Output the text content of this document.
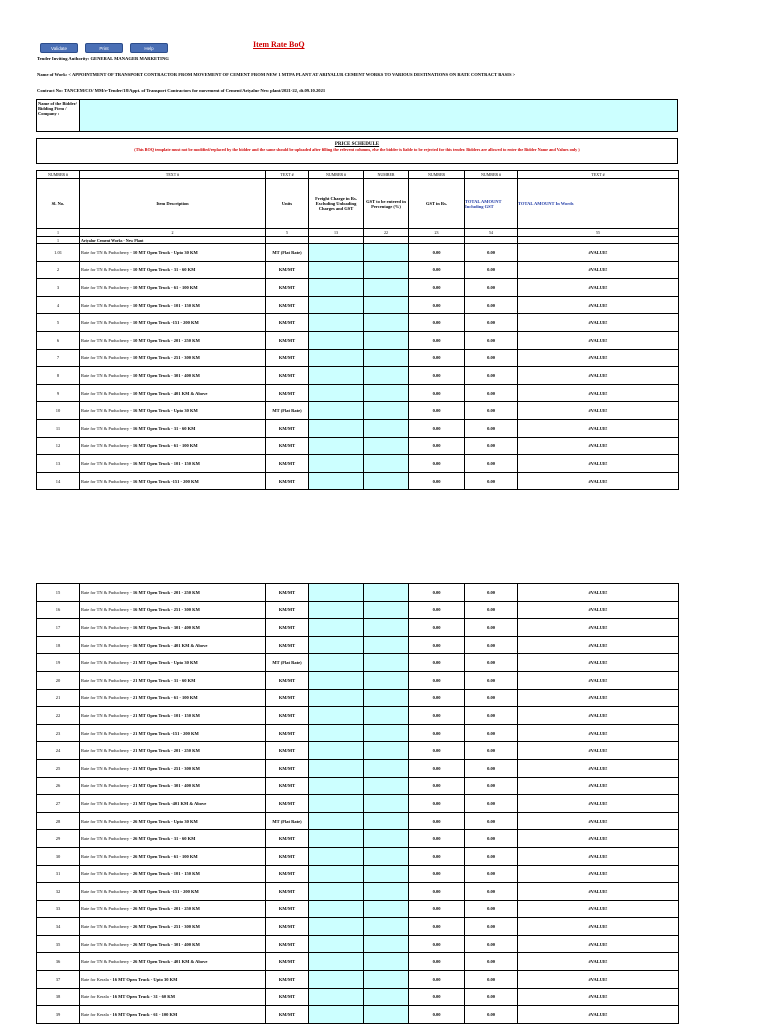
Validate	Print	Help	Item Rate BoQ
Tender Inviting Authority: GENERAL MANAGER MARKETING
Name of Work: < APPOINTMENT OF TRANSPORT CONTRACTOR FROM MOVEMENT OF CEMENT FROM NEW 1 MTPA PLANT AT ARIYALUR CEMENT WORKS TO VARIOUS DESTINATIONS ON RATE CONTRACT BASIS >
Contract No: TANCEM/CO/ MM/e-Tender/18/Appt. of Transport Contractors for movement of Cement/Ariyalur New plant/2021-22, dt.09.10.2021
Name of the Bidder/ Bidding Firm / Company :
PRICE SCHEDULE
(This BOQ template must not be modified/replaced by the bidder and the same should be uploaded after filling the relevent columns, else the bidder is liable to be rejected for this tender. Bidders are allowed to enter the Bidder Name and Values only )
NUMBER #	TEXT #	TEXT #	NUMBER #	NUMBER	NUMBER	NUMBER #	TEXT #
Sl. No.	Item Description	Units	Freight Charge in Rs. Excluding Unloading Charges and GST	GST to be entered in Percentage (%)	GST in Rs.	TOTAL AMOUNT Including GST	TOTAL AMOUNT In Words
1	2	5	13	22	23	54	55
1	Ariyalur Cement Works - New Plant						
1.01	Rate for TN & Puducherry - 10 MT Open Truck - Upto 30 KM	MT (Flat Rate)			0.00	0.00	#VALUE!
2	Rate for TN & Puducherry - 10 MT Open Truck - 31 - 60 KM	KM/MT			0.00	0.00	#VALUE!
3	Rate for TN & Puducherry - 10 MT Open Truck - 61 - 100 KM	KM/MT			0.00	0.00	#VALUE!
4	Rate for TN & Puducherry - 10 MT Open Truck - 101 - 150 KM	KM/MT			0.00	0.00	#VALUE!
5	Rate for TN & Puducherry - 10 MT Open Truck -151 - 200 KM	KM/MT			0.00	0.00	#VALUE!
6	Rate for TN & Puducherry - 10 MT Open Truck - 201 - 250 KM	KM/MT			0.00	0.00	#VALUE!
7	Rate for TN & Puducherry - 10 MT Open Truck - 251 - 300 KM	KM/MT			0.00	0.00	#VALUE!
8	Rate for TN & Puducherry - 10 MT Open Truck - 301 - 400 KM	KM/MT			0.00	0.00	#VALUE!
9	Rate for TN & Puducherry - 10 MT Open Truck - 401 KM & Above	KM/MT			0.00	0.00	#VALUE!
10	Rate for TN & Puducherry - 16 MT Open Truck - Upto 30 KM	MT (Flat Rate)			0.00	0.00	#VALUE!
11	Rate for TN & Puducherry - 16 MT Open Truck - 31 - 60 KM	KM/MT			0.00	0.00	#VALUE!
12	Rate for TN & Puducherry - 16 MT Open Truck - 61 - 100 KM	KM/MT			0.00	0.00	#VALUE!
13	Rate for TN & Puducherry - 16 MT Open Truck - 101 - 150 KM	KM/MT			0.00	0.00	#VALUE!
14	Rate for TN & Puducherry - 16 MT Open Truck -151 - 200 KM	KM/MT			0.00	0.00	#VALUE!
15	Rate for TN & Puducherry - 16 MT Open Truck - 201 - 250 KM	KM/MT			0.00	0.00	#VALUE!
16	Rate for TN & Puducherry - 16 MT Open Truck - 251 - 300 KM	KM/MT			0.00	0.00	#VALUE!
17	Rate for TN & Puducherry - 16 MT Open Truck - 301 - 400 KM	KM/MT			0.00	0.00	#VALUE!
18	Rate for TN & Puducherry - 16 MT Open Truck - 401 KM & Above	KM/MT			0.00	0.00	#VALUE!
19	Rate for TN & Puducherry - 21 MT Open Truck - Upto 30 KM	MT (Flat Rate)			0.00	0.00	#VALUE!
20	Rate for TN & Puducherry - 21 MT Open Truck - 31 - 60 KM	KM/MT			0.00	0.00	#VALUE!
21	Rate for TN & Puducherry - 21 MT Open Truck - 61 - 100 KM	KM/MT			0.00	0.00	#VALUE!
22	Rate for TN & Puducherry - 21 MT Open Truck - 101 - 150 KM	KM/MT			0.00	0.00	#VALUE!
23	Rate for TN & Puducherry - 21 MT Open Truck -151 - 200 KM	KM/MT			0.00	0.00	#VALUE!
24	Rate for TN & Puducherry - 21 MT Open Truck - 201 - 250 KM	KM/MT			0.00	0.00	#VALUE!
25	Rate for TN & Puducherry - 21 MT Open Truck - 251 - 300 KM	KM/MT			0.00	0.00	#VALUE!
26	Rate for TN & Puducherry - 21 MT Open Truck - 301 - 400 KM	KM/MT			0.00	0.00	#VALUE!
27	Rate for TN & Puducherry - 21 MT Open Truck -401 KM & Above	KM/MT			0.00	0.00	#VALUE!
28	Rate for TN & Puducherry - 26 MT Open Truck - Upto 30 KM	MT (Flat Rate)			0.00	0.00	#VALUE!
29	Rate for TN & Puducherry - 26 MT Open Truck - 31 - 60 KM	KM/MT			0.00	0.00	#VALUE!
30	Rate for TN & Puducherry - 26 MT Open Truck - 61 - 100 KM	KM/MT			0.00	0.00	#VALUE!
31	Rate for TN & Puducherry - 26 MT Open Truck - 101 - 150 KM	KM/MT			0.00	0.00	#VALUE!
32	Rate for TN & Puducherry - 26 MT Open Truck -151 - 200 KM	KM/MT			0.00	0.00	#VALUE!
33	Rate for TN & Puducherry - 26 MT Open Truck - 201 - 250 KM	KM/MT			0.00	0.00	#VALUE!
34	Rate for TN & Puducherry - 26 MT Open Truck - 251 - 300 KM	KM/MT			0.00	0.00	#VALUE!
35	Rate for TN & Puducherry - 26 MT Open Truck - 301 - 400 KM	KM/MT			0.00	0.00	#VALUE!
36	Rate for TN & Puducherry - 26 MT Open Truck - 401 KM & Above	KM/MT			0.00	0.00	#VALUE!
37	Rate for Kerala - 16 MT Open Truck - Upto 30 KM	KM/MT			0.00	0.00	#VALUE!
38	Rate for Kerala - 16 MT Open Truck - 31 - 60 KM	KM/MT			0.00	0.00	#VALUE!
39	Rate for Kerala - 16 MT Open Truck - 61 - 100 KM	KM/MT			0.00	0.00	#VALUE!
